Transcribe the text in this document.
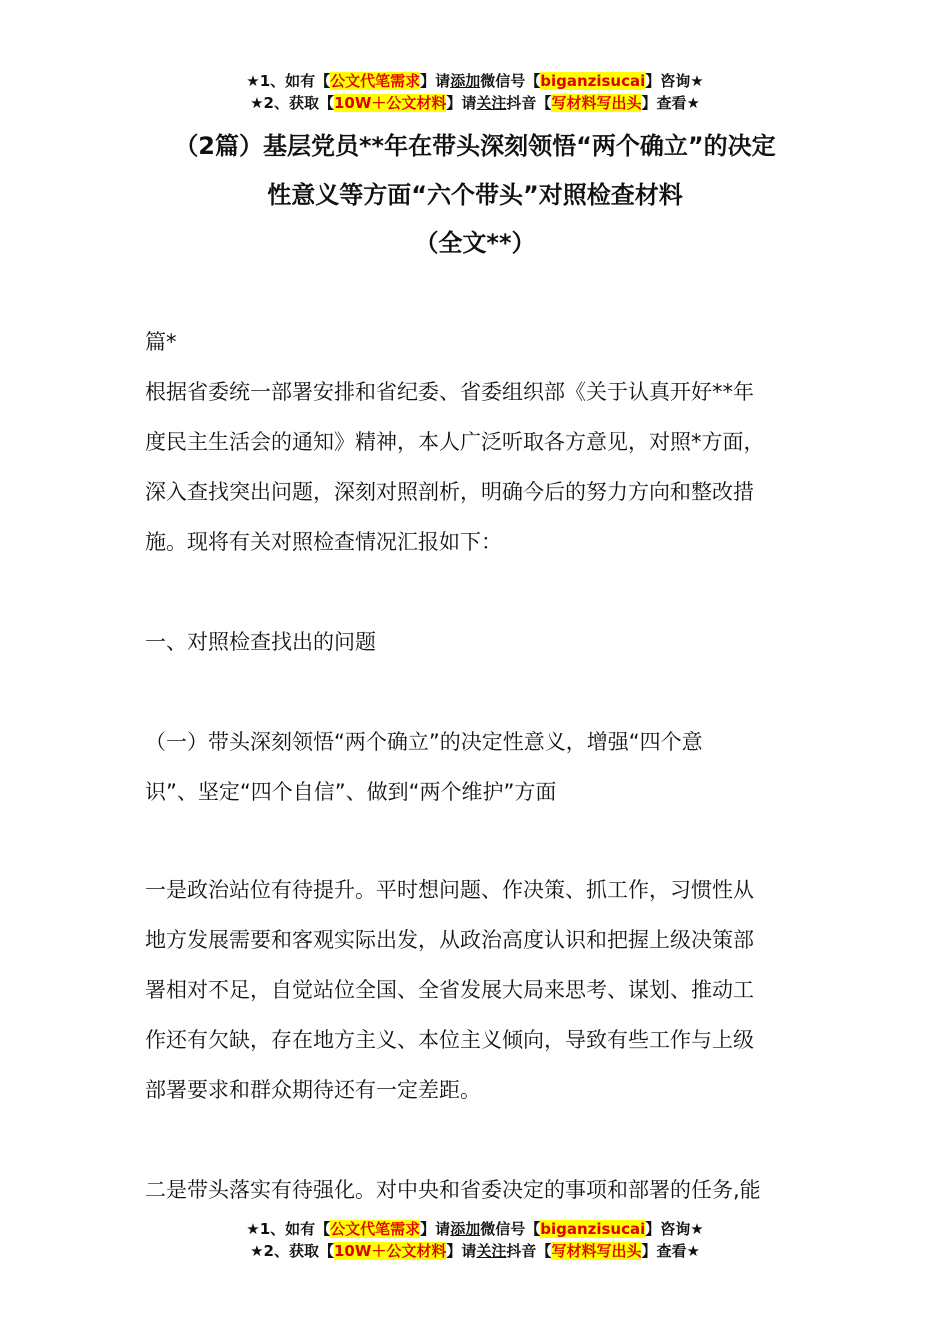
★1、如有【公文代笔需求】请添加微信号【biganzisucai】咨询★
★2、获取【10W＋公文材料】请关注抖音【写材料写出头】查看★
（2篇）基层党员**年在带头深刻领悟“两个确立”的决定
性意义等方面“六个带头”对照检查材料
（全文**）

篇*

根据省委统一部署安排和省纪委、省委组织部《关于认真开好**年
度民主生活会的通知》精神，本人广泛听取各方意见，对照*方面，
深入查找突出问题，深刻对照剖析，明确今后的努力方向和整改措
施。现将有关对照检查情况汇报如下：

一、对照检查找出的问题

（一）带头深刻领悟“两个确立”的决定性意义，增强“四个意
识”、坚定“四个自信”、做到“两个维护”方面

一是政治站位有待提升。平时想问题、作决策、抓工作，习惯性从
地方发展需要和客观实际出发，从政治高度认识和把握上级决策部
署相对不足，自觉站位全国、全省发展大局来思考、谋划、推动工
作还有欠缺，存在地方主义、本位主义倾向，导致有些工作与上级
部署要求和群众期待还有一定差距。

二是带头落实有待强化。对中央和省委决定的事项和部署的任务,能

★1、如有【公文代笔需求】请添加微信号【biganzisucai】咨询★
★2、获取【10W＋公文材料】请关注抖音【写材料写出头】查看★
